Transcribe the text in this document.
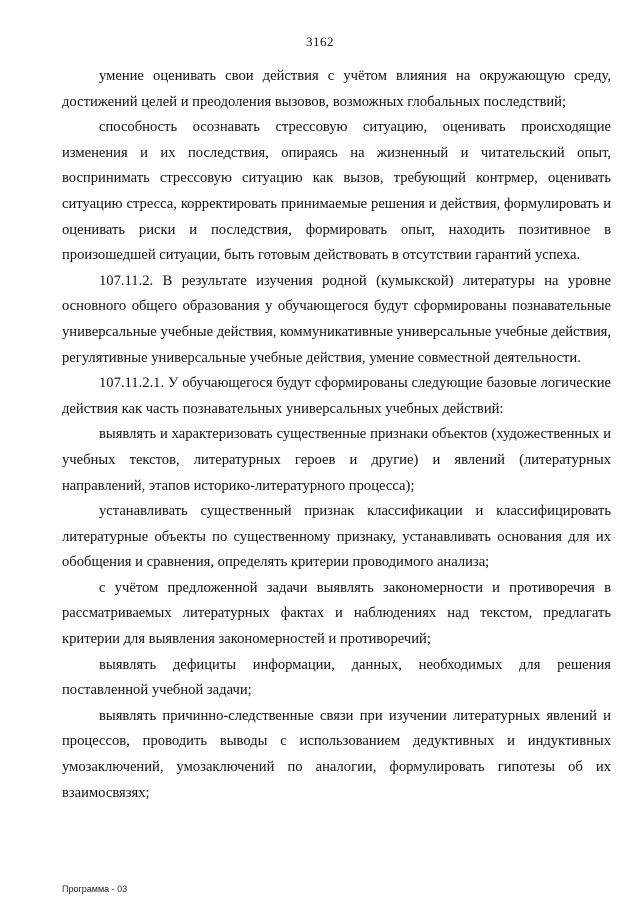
3162

умение оценивать свои действия с учётом влияния на окружающую среду, достижений целей и преодоления вызовов, возможных глобальных последствий;

способность осознавать стрессовую ситуацию, оценивать происходящие изменения и их последствия, опираясь на жизненный и читательский опыт, воспринимать стрессовую ситуацию как вызов, требующий контрмер, оценивать ситуацию стресса, корректировать принимаемые решения и действия, формулировать и оценивать риски и последствия, формировать опыт, находить позитивное в произошедшей ситуации, быть готовым действовать в отсутствии гарантий успеха.

107.11.2. В результате изучения родной (кумыкской) литературы на уровне основного общего образования у обучающегося будут сформированы познавательные универсальные учебные действия, коммуникативные универсальные учебные действия, регулятивные универсальные учебные действия, умение совместной деятельности.

107.11.2.1. У обучающегося будут сформированы следующие базовые логические действия как часть познавательных универсальных учебных действий:

выявлять и характеризовать существенные признаки объектов (художественных и учебных текстов, литературных героев и другие) и явлений (литературных направлений, этапов историко-литературного процесса);

устанавливать существенный признак классификации и классифицировать литературные объекты по существенному признаку, устанавливать основания для их обобщения и сравнения, определять критерии проводимого анализа;

с учётом предложенной задачи выявлять закономерности и противоречия в рассматриваемых литературных фактах и наблюдениях над текстом, предлагать критерии для выявления закономерностей и противоречий;

выявлять дефициты информации, данных, необходимых для решения поставленной учебной задачи;

выявлять причинно-следственные связи при изучении литературных явлений и процессов, проводить выводы с использованием дедуктивных и индуктивных умозаключений, умозаключений по аналогии, формулировать гипотезы об их взаимосвязях;

Программа - 03
